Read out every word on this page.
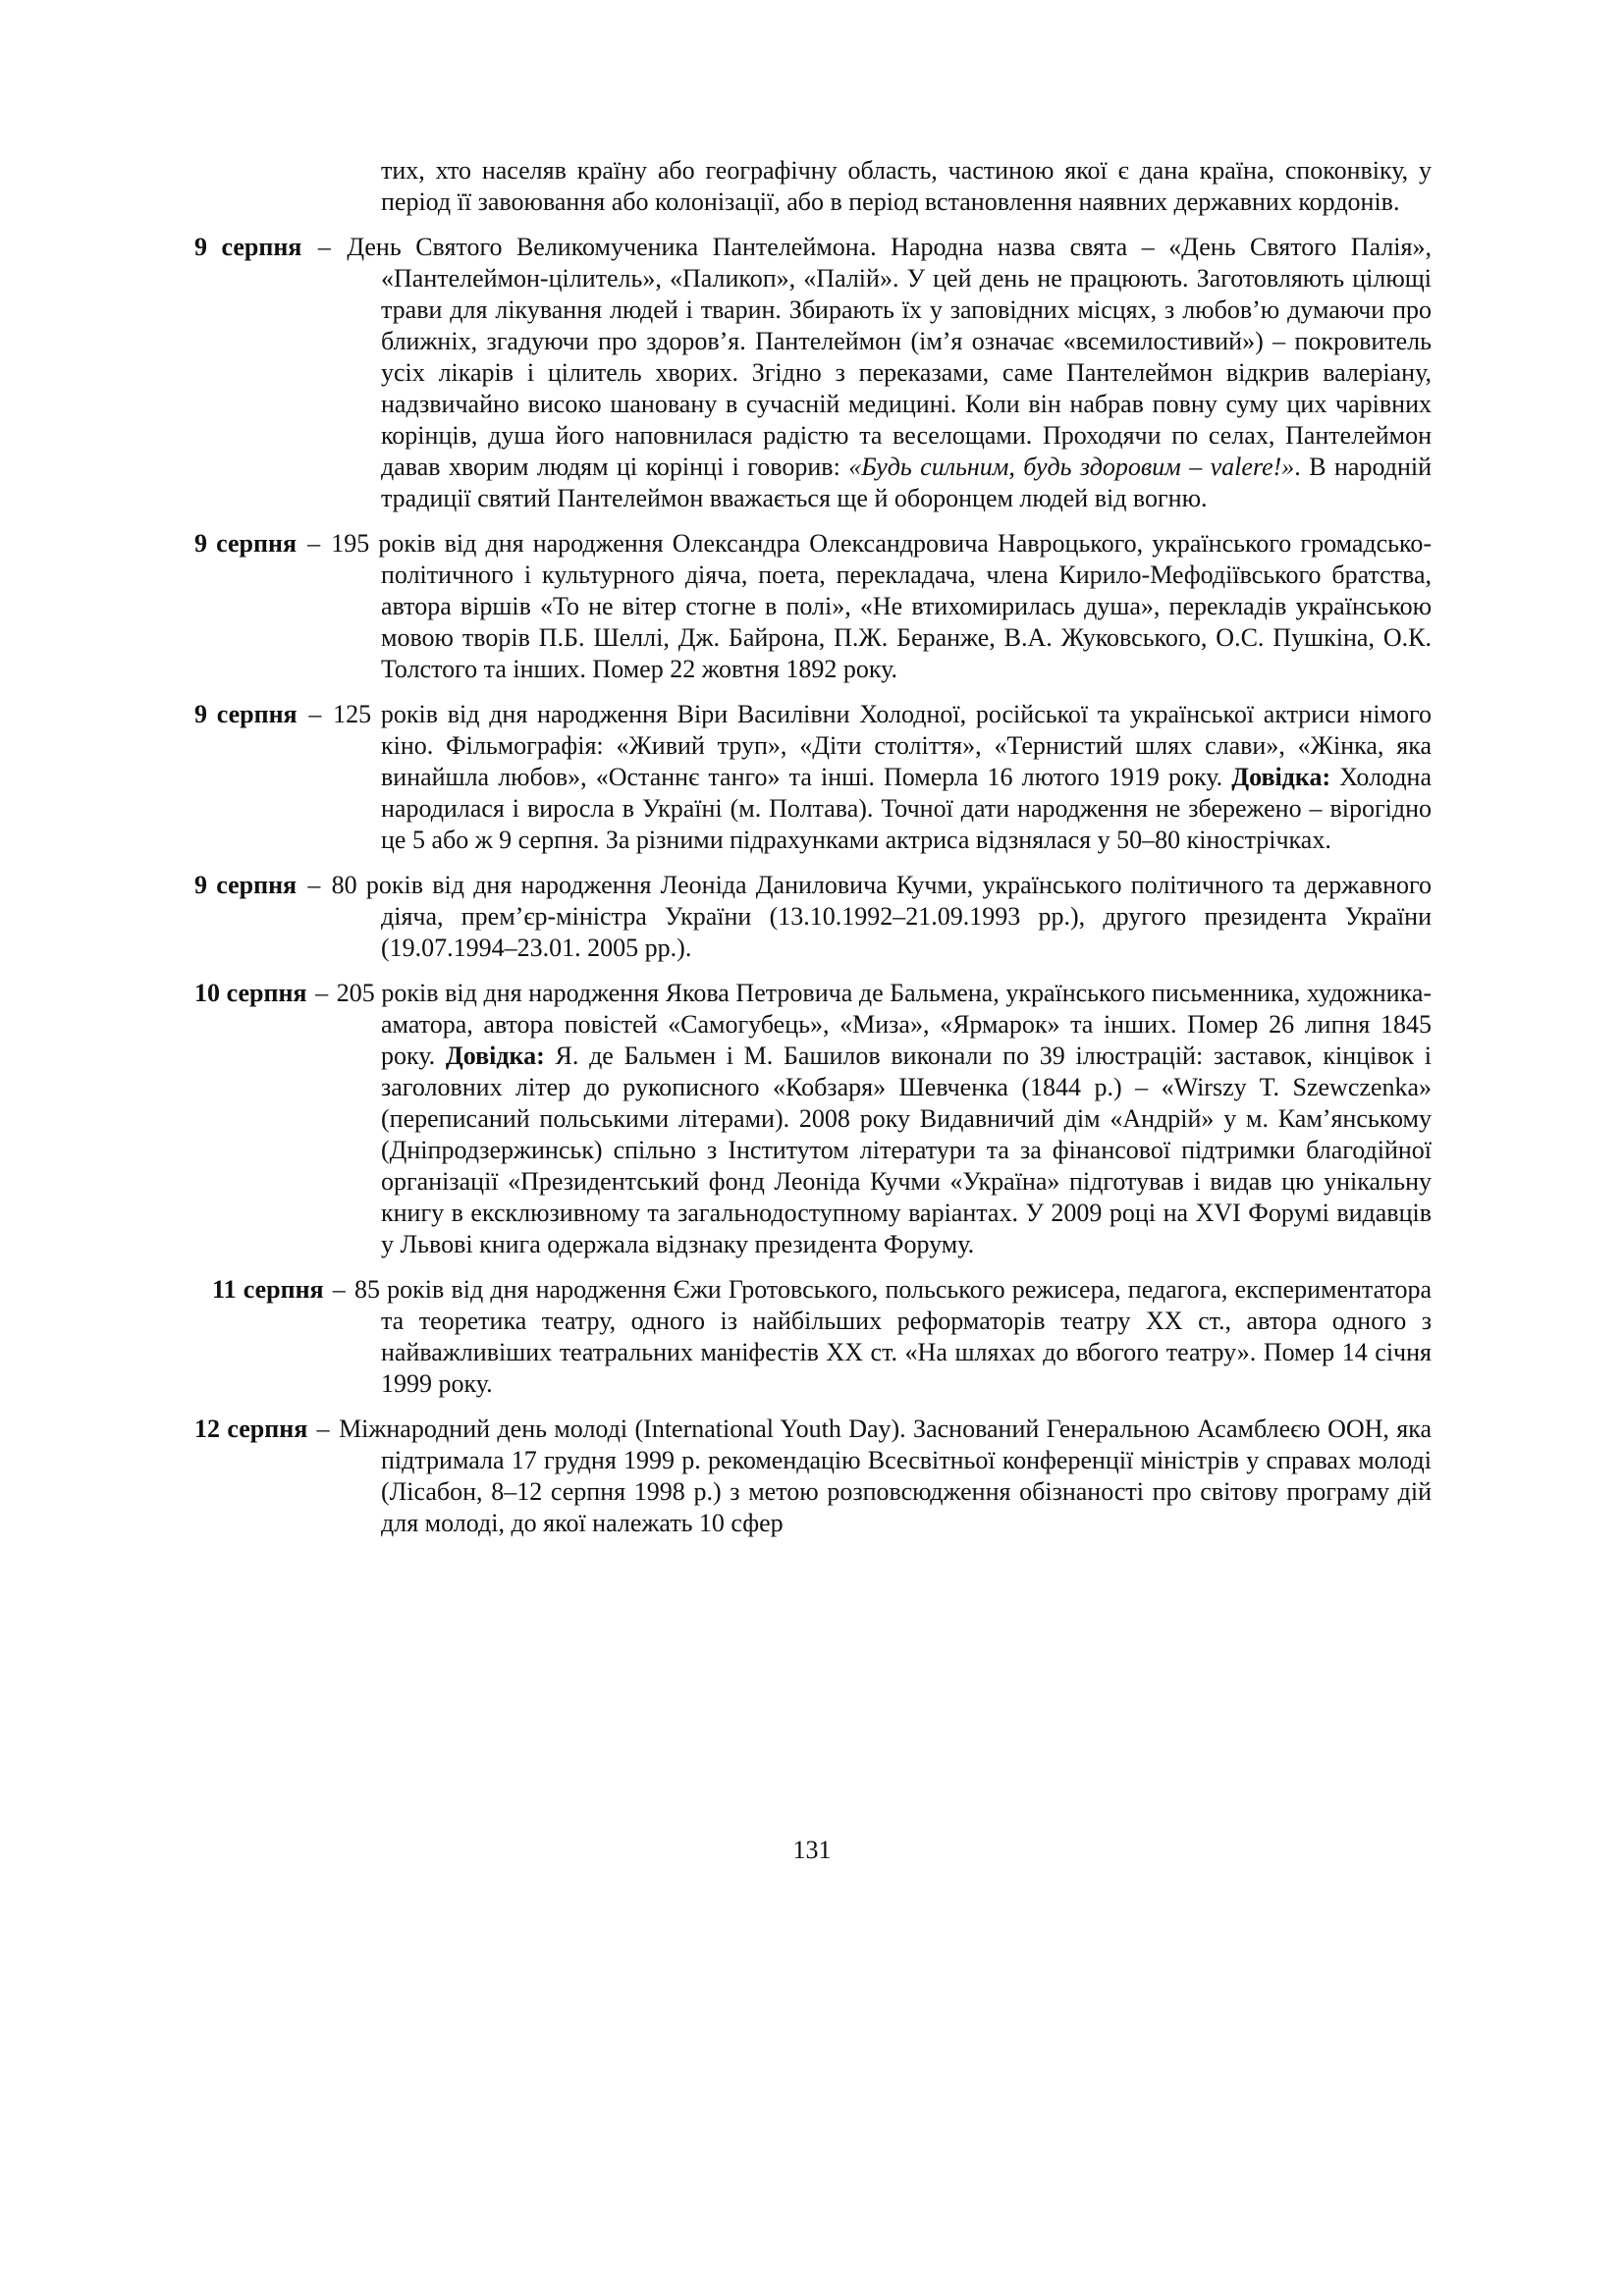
тих, хто населяв країну або географічну область, частиною якої є дана країна, споконвіку, у період її завоювання або колонізації, або в період встановлення наявних державних кордонів.

9 серпня – День Святого Великомученика Пантелеймона. Народна назва свята – «День Святого Палія», «Пантелеймон-цілитель», «Паликоп», «Палій». У цей день не працюють. Заготовляють цілющі трави для лікування людей і тварин. Збирають їх у заповідних місцях, з любов’ю думаючи про ближніх, згадуючи про здоров’я. Пантелеймон (ім’я означає «всемилостивий») – покровитель усіх лікарів і цілитель хворих. Згідно з переказами, саме Пантелеймон відкрив валеріану, надзвичайно високо шановану в сучасній медицині. Коли він набрав повну суму цих чарівних корінців, душа його наповнилася радістю та веселощами. Проходячи по селах, Пантелеймон давав хворим людям ці корінці і говорив: «Будь сильним, будь здоровим – valere!». В народній традиції святий Пантелеймон вважається ще й оборонцем людей від вогню.

9 серпня – 195 років від дня народження Олександра Олександровича Навроцького, українського громадсько-політичного і культурного діяча, поета, перекладача, члена Кирило-Мефодіївського братства, автора віршів «То не вітер стогне в полі», «Не втихомирилась душа», перекладів українською мовою творів П.Б. Шеллі, Дж. Байрона, П.Ж. Беранже, В.А. Жуковського, О.С. Пушкіна, О.К. Толстого та інших. Помер 22 жовтня 1892 року.

9 серпня – 125 років від дня народження Віри Василівни Холодної, російської та української актриси німого кіно. Фільмографія: «Живий труп», «Діти століття», «Тернистий шлях слави», «Жінка, яка винайшла любов», «Останнє танго» та інші. Померла 16 лютого 1919 року. Довідка: Холодна народилася і виросла в Україні (м. Полтава). Точної дати народження не збережено – вірогідно це 5 або ж 9 серпня. За різними підрахунками актриса відзнялася у 50–80 кінострічках.

9 серпня – 80 років від дня народження Леоніда Даниловича Кучми, українського політичного та державного діяча, прем’єр-міністра України (13.10.1992–21.09.1993 рр.), другого президента України (19.07.1994–23.01. 2005 рр.).

10 серпня – 205 років від дня народження Якова Петровича де Бальмена, українського письменника, художника-аматора, автора повістей «Самогубець», «Миза», «Ярмарок» та інших. Помер 26 липня 1845 року. Довідка: Я. де Бальмен і М. Башилов виконали по 39 ілюстрацій: заставок, кінцівок і заголовних літер до рукописного «Кобзаря» Шевченка (1844 р.) – «Wirszy T. Szewczenka» (переписаний польськими літерами). 2008 року Видавничий дім «Андрій» у м. Кам’янському (Дніпродзержинськ) спільно з Інститутом літератури та за фінансової підтримки благодійної організації «Президентський фонд Леоніда Кучми «Україна» підготував і видав цю унікальну книгу в ексклюзивному та загальнодоступному варіантах. У 2009 році на XVI Форумі видавців у Львові книга одержала відзнаку президента Форуму.

11 серпня – 85 років від дня народження Єжи Гротовського, польського режисера, педагога, експериментатора та теоретика театру, одного із найбільших реформаторів театру ХХ ст., автора одного з найважливіших театральних маніфестів ХХ ст. «На шляхах до вбогого театру». Помер 14 січня 1999 року.

12 серпня – Міжнародний день молоді (International Youth Day). Заснований Генеральною Асамблеєю ООН, яка підтримала 17 грудня 1999 р. рекомендацію Всесвітньої конференції міністрів у справах молоді (Лісабон, 8–12 серпня 1998 р.) з метою розповсюдження обізнаності про світову програму дій для молоді, до якої належать 10 сфер

131
